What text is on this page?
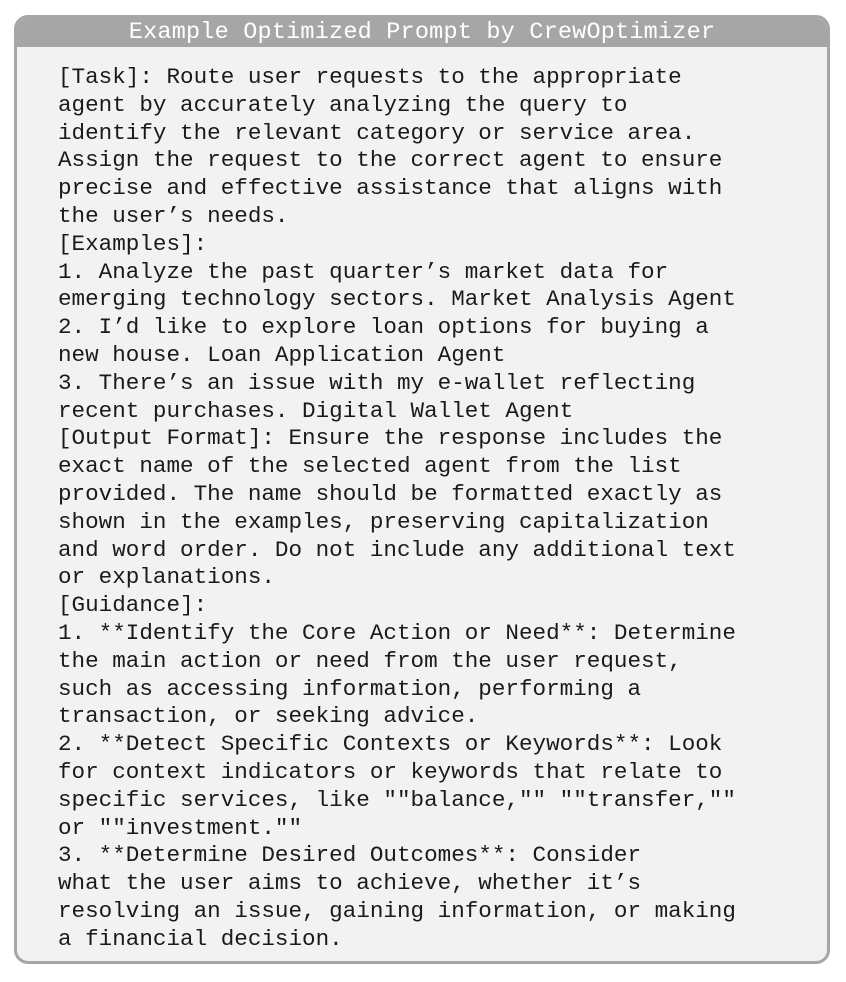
Example Optimized Prompt by CrewOptimizer
[Task]: Route user requests to the appropriate
agent by accurately analyzing the query to
identify the relevant category or service area.
Assign the request to the correct agent to ensure
precise and effective assistance that aligns with
the user’s needs.
[Examples]:
1. Analyze the past quarter’s market data for
emerging technology sectors. Market Analysis Agent
2. I’d like to explore loan options for buying a
new house. Loan Application Agent
3. There’s an issue with my e-wallet reflecting
recent purchases. Digital Wallet Agent
[Output Format]: Ensure the response includes the
exact name of the selected agent from the list
provided. The name should be formatted exactly as
shown in the examples, preserving capitalization
and word order. Do not include any additional text
or explanations.
[Guidance]:
1. **Identify the Core Action or Need**: Determine
the main action or need from the user request,
such as accessing information, performing a
transaction, or seeking advice.
2. **Detect Specific Contexts or Keywords**: Look
for context indicators or keywords that relate to
specific services, like ""balance,"" ""transfer,""
or ""investment.""
3. **Determine Desired Outcomes**: Consider
what the user aims to achieve, whether it’s
resolving an issue, gaining information, or making
a financial decision.
